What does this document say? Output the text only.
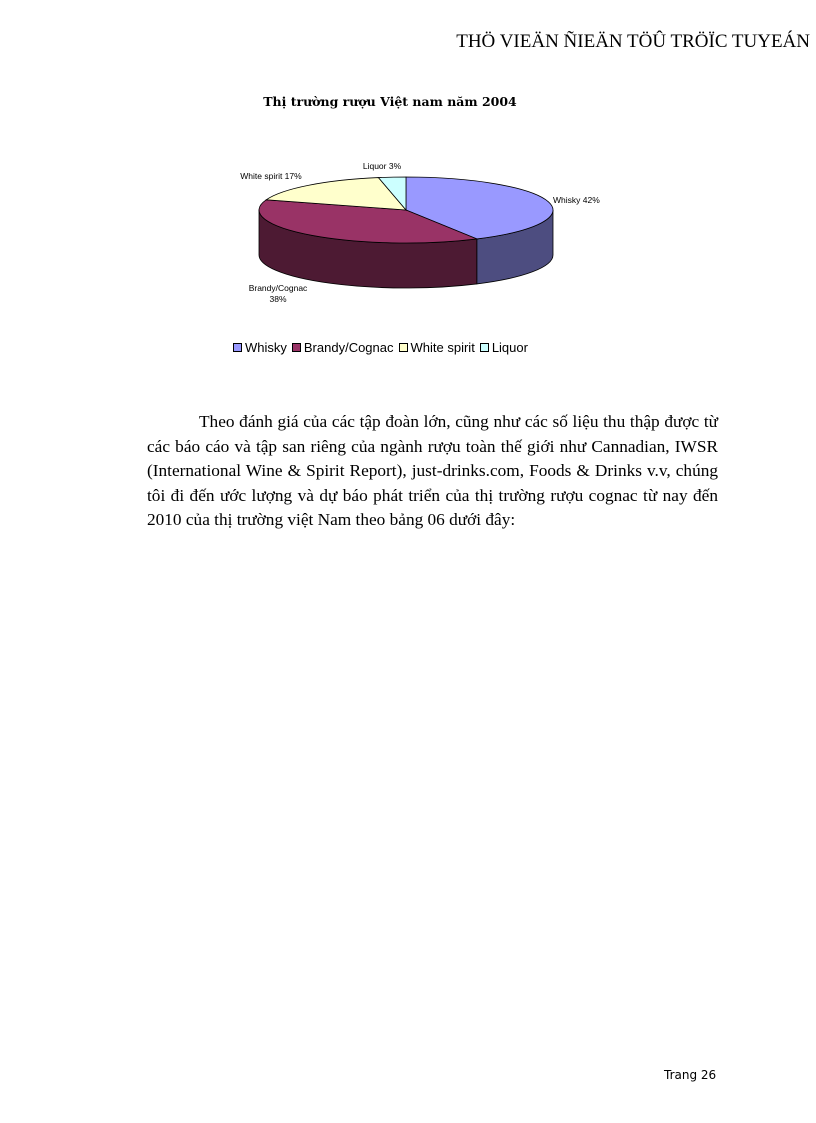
THÖ VIEÄN ÑIEÄN TÖÛ TRÖÏC TUYEÁN
Thị trường rượu Việt nam năm 2004
Liquor 3%
White spirit 17%
Whisky 42%
Brandy/Cognac
38%
Whisky Brandy/Cognac White spirit Liquor

Theo đánh giá của các tập đoàn lớn, cũng như các số liệu thu thập được từ các báo cáo và tập san riêng của ngành rượu toàn thế giới như Cannadian, IWSR (International Wine & Spirit Report), just-drinks.com, Foods & Drinks v.v, chúng tôi đi đến ước lượng và dự báo phát triển của thị trường rượu cognac từ nay đến 2010 của thị trường việt Nam theo bảng 06 dưới đây:

Trang 26
